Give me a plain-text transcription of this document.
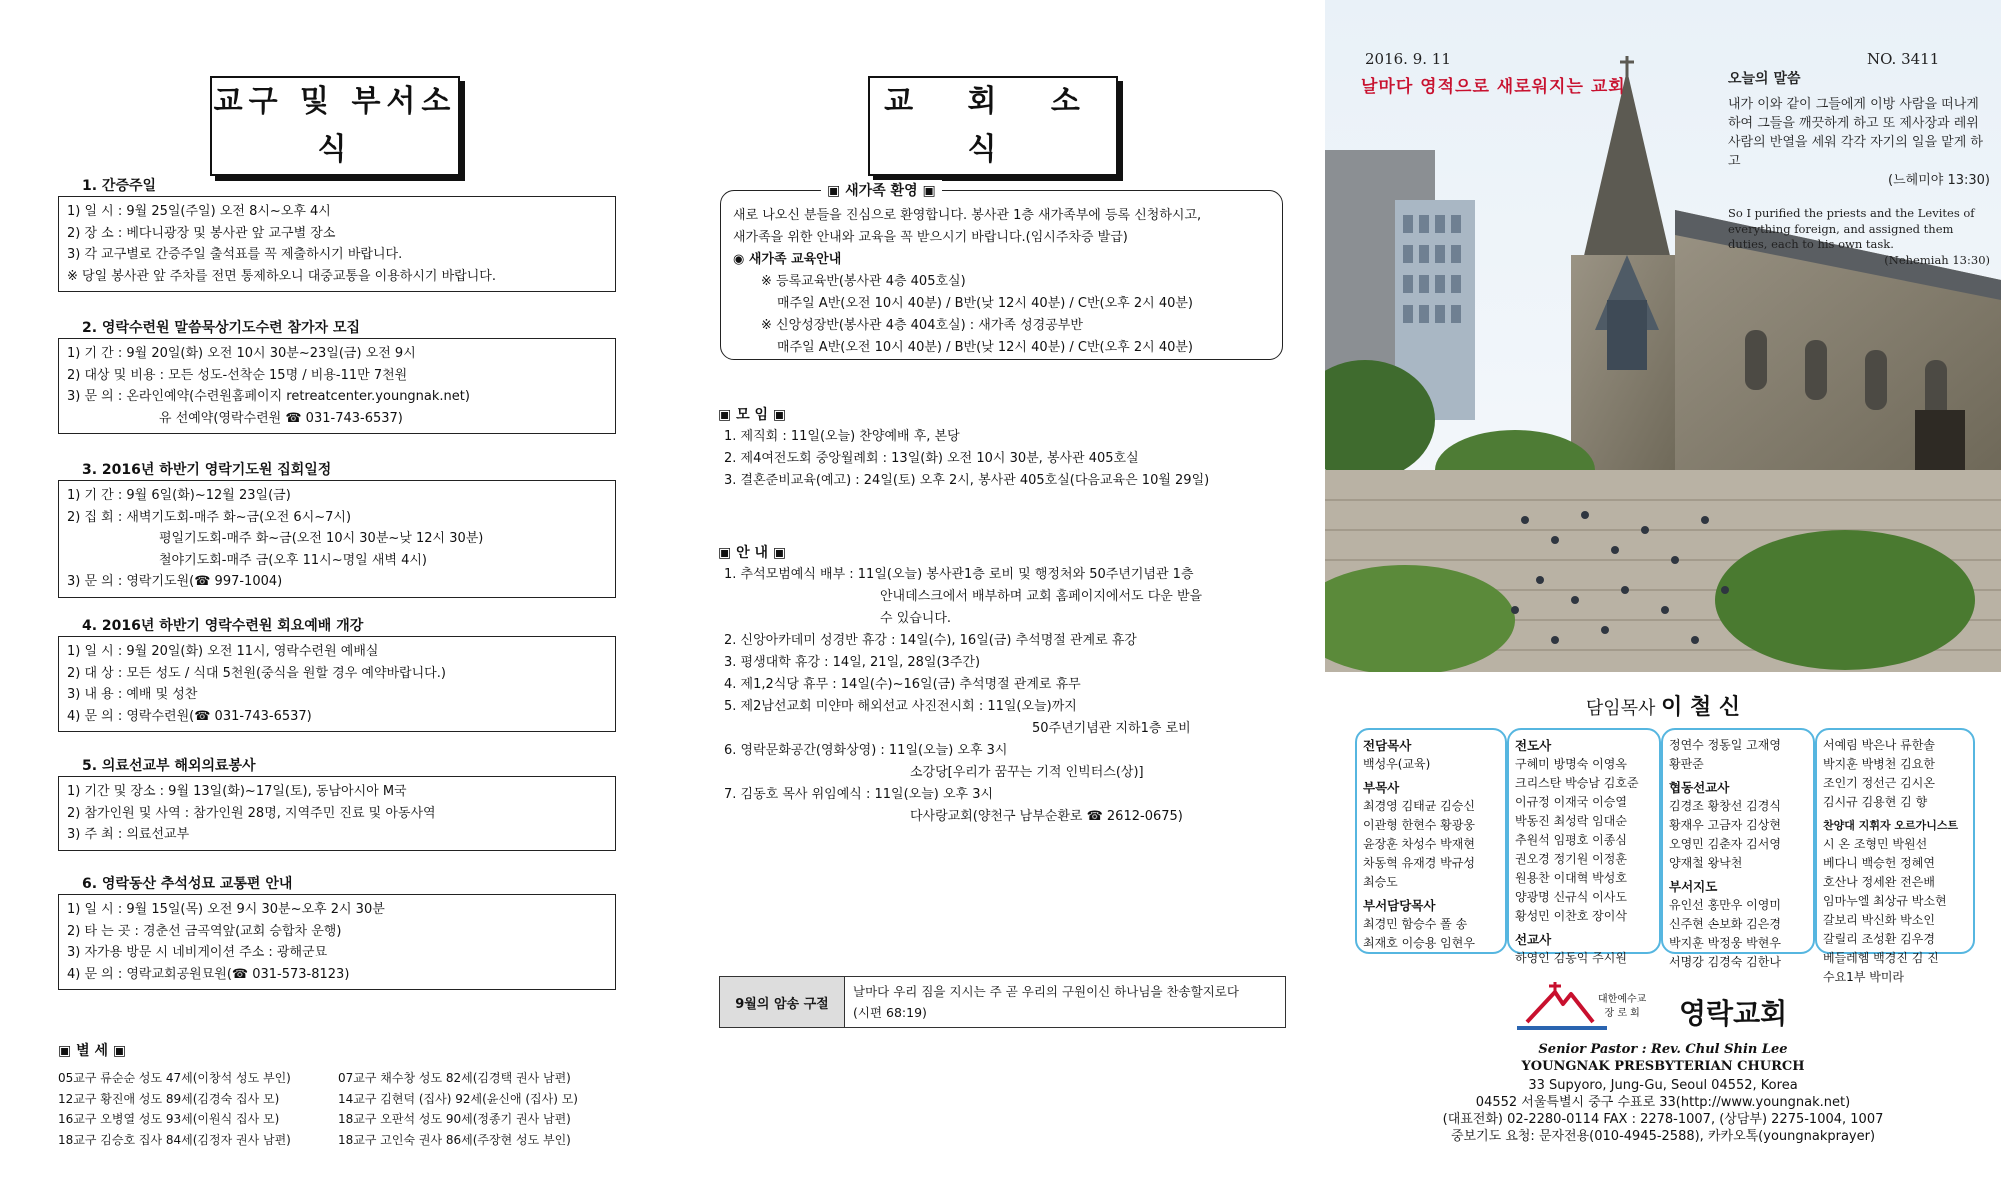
교구 및 부서소식
1. 간증주일
1) 일 시 : 9월 25일(주일) 오전 8시~오후 4시
2) 장 소 : 베다니광장 및 봉사관 앞 교구별 장소
3) 각 교구별로 간증주일 출석표를 꼭 제출하시기 바랍니다.
※ 당일 봉사관 앞 주차를 전면 통제하오니 대중교통을 이용하시기 바랍니다.
2. 영락수련원 말씀묵상기도수련 참가자 모집
1) 기 간 : 9월 20일(화) 오전 10시 30분~23일(금) 오전 9시
2) 대상 및 비용 : 모든 성도-선착순 15명 / 비용-11만 7천원
3) 문 의 : 온라인예약(수련원홈페이지 retreatcenter.youngnak.net)
유 선예약(영락수련원 ☎ 031-743-6537)
3. 2016년 하반기 영락기도원 집회일정
1) 기 간 : 9월 6일(화)~12월 23일(금)
2) 집 회 : 새벽기도회-매주 화~금(오전 6시~7시)
평일기도회-매주 화~금(오전 10시 30분~낮 12시 30분)
철야기도회-매주 금(오후 11시~명일 새벽 4시)
3) 문 의 : 영락기도원(☎ 997-1004)
4. 2016년 하반기 영락수련원 회요예배 개강
1) 일 시 : 9월 20일(화) 오전 11시, 영락수련원 예배실
2) 대 상 : 모든 성도 / 식대 5천원(중식을 원할 경우 예약바랍니다.)
3) 내 용 : 예배 및 성찬
4) 문 의 : 영락수련원(☎ 031-743-6537)
5. 의료선교부 해외의료봉사
1) 기간 및 장소 : 9월 13일(화)~17일(토), 동남아시아 M국
2) 참가인원 및 사역 : 참가인원 28명, 지역주민 진료 및 아동사역
3) 주 최 : 의료선교부
6. 영락동산 추석성묘 교통편 안내
1) 일 시 : 9월 15일(목) 오전 9시 30분~오후 2시 30분
2) 타 는 곳 : 경춘선 금곡역앞(교회 승합차 운행)
3) 자가용 방문 시 네비게이션 주소 : 광해군묘
4) 문 의 : 영락교회공원묘원(☎ 031-573-8123)
▣ 별 세 ▣
05교구 류순순 성도 47세(이창석 성도 부인)	07교구 채수창 성도 82세(김경택 권사 남편)
12교구 황진애 성도 89세(김경숙 집사 모)	14교구 김현덕 (집사) 92세(윤신애 (집사) 모)
16교구 오병열 성도 93세(이원식 집사 모)	18교구 오판석 성도 90세(정종기 권사 남편)
18교구 김승호 집사 84세(김정자 권사 남편)	18교구 고인숙 권사 86세(주장현 성도 부인)
교 회 소 식
▣ 새가족 환영 ▣
새로 나오신 분들을 진심으로 환영합니다. 봉사관 1층 새가족부에 등록 신청하시고,
새가족을 위한 안내와 교육을 꼭 받으시기 바랍니다.(임시주차증 발급)
◉ 새가족 교육안내
※ 등록교육반(봉사관 4층 405호실)
매주일 A반(오전 10시 40분) / B반(낮 12시 40분) / C반(오후 2시 40분)
※ 신앙성장반(봉사관 4층 404호실) : 새가족 성경공부반
매주일 A반(오전 10시 40분) / B반(낮 12시 40분) / C반(오후 2시 40분)
▣ 모 임 ▣
1. 제직회 : 11일(오늘) 찬양예배 후, 본당
2. 제4여전도회 중앙월례회 : 13일(화) 오전 10시 30분, 봉사관 405호실
3. 결혼준비교육(예고) : 24일(토) 오후 2시, 봉사관 405호실(다음교육은 10월 29일)
▣ 안 내 ▣
1. 추석모범예식 배부 : 11일(오늘) 봉사관1층 로비 및 행정처와 50주년기념관 1층
안내데스크에서 배부하며 교회 홈페이지에서도 다운 받을
수 있습니다.
2. 신앙아카데미 성경반 휴강 : 14일(수), 16일(금) 추석명절 관계로 휴강
3. 평생대학 휴강 : 14일, 21일, 28일(3주간)
4. 제1,2식당 휴무 : 14일(수)~16일(금) 추석명절 관계로 휴무
5. 제2남선교회 미얀마 해외선교 사진전시회 : 11일(오늘)까지
50주년기념관 지하1층 로비
6. 영락문화공간(영화상영) : 11일(오늘) 오후 3시
소강당[우리가 꿈꾸는 기적 인빅터스(상)]
7. 김동호 목사 위임예식 : 11일(오늘) 오후 3시
다사랑교회(양천구 남부순환로 ☎ 2612-0675)
9월의 암송 구절
날마다 우리 짐을 지시는 주 곧 우리의 구원이신 하나님을 찬송할지로다
(시편 68:19)
2016. 9. 11	NO. 3411
날마다 영적으로 새로워지는 교회	오늘의 말씀
내가 이와 같이 그들에게 이방 사람을 떠나게 하여 그들을 깨끗하게 하고 또 제사장과 레위 사람의 반열을 세워 각각 자기의 일을 맡게 하고
(느헤미야 13:30)
So I purified the priests and the Levites of everything foreign, and assigned them duties, each to his own task.
(Nehemiah 13:30)
담임목사 이 철 신
전담목사
백성우(교육)
부목사
최경영 김태균 김승신
이관형 한현수 황광웅
윤장훈 차성수 박재현
차동혁 유재경 박규성
최승도
부서담당목사
최경민 함승수 폴 송
최재호 이승용 임현우
전도사
구혜미 방명숙 이영옥
크리스탄 박승남 김호준
이규정 이재국 이승열
박동진 최성락 임대순
추원석 임평호 이종심
권오경 정기원 이정훈
원용찬 이대혁 박성호
양광명 신규식 이사도
황성민 이찬호 장이삭
선교사
하영인 김동익 주시원
정연수 정동일 고재영
황판준
협동선교사
김경조 황창선 김경식
황재우 고금자 김상현
오영민 김춘자 김서영
양재철 왕낙천
부서지도
유인선 홍만우 이영미
신주현 손보화 김은경
박지훈 박정웅 박현우
서명강 김경숙 김한나
서예림 박은나 류한솔
박지훈 박병천 김요한
조인기 정선근 김시온
김시규 김용현 김 향
찬양대 지휘자 오르가니스트
시 온 조형민 박원선
베다니 백승헌 정혜연
호산나 정세완 전은배
임마누엘 최상규 박소현
갈보리 박신화 박소인
갈릴리 조성환 김우경
베들레헴 백경진 김 진
수요1부 박미라
대한예수교
장 로 회 영락교회
Senior Pastor : Rev. Chul Shin Lee
YOUNGNAK PRESBYTERIAN CHURCH
33 Supyoro, Jung-Gu, Seoul 04552, Korea
04552 서울특별시 중구 수표로 33(http://www.youngnak.net)
(대표전화) 02-2280-0114 FAX : 2278-1007, (상담부) 2275-1004, 1007
중보기도 요청: 문자전용(010-4945-2588), 카카오톡(youngnakprayer)
